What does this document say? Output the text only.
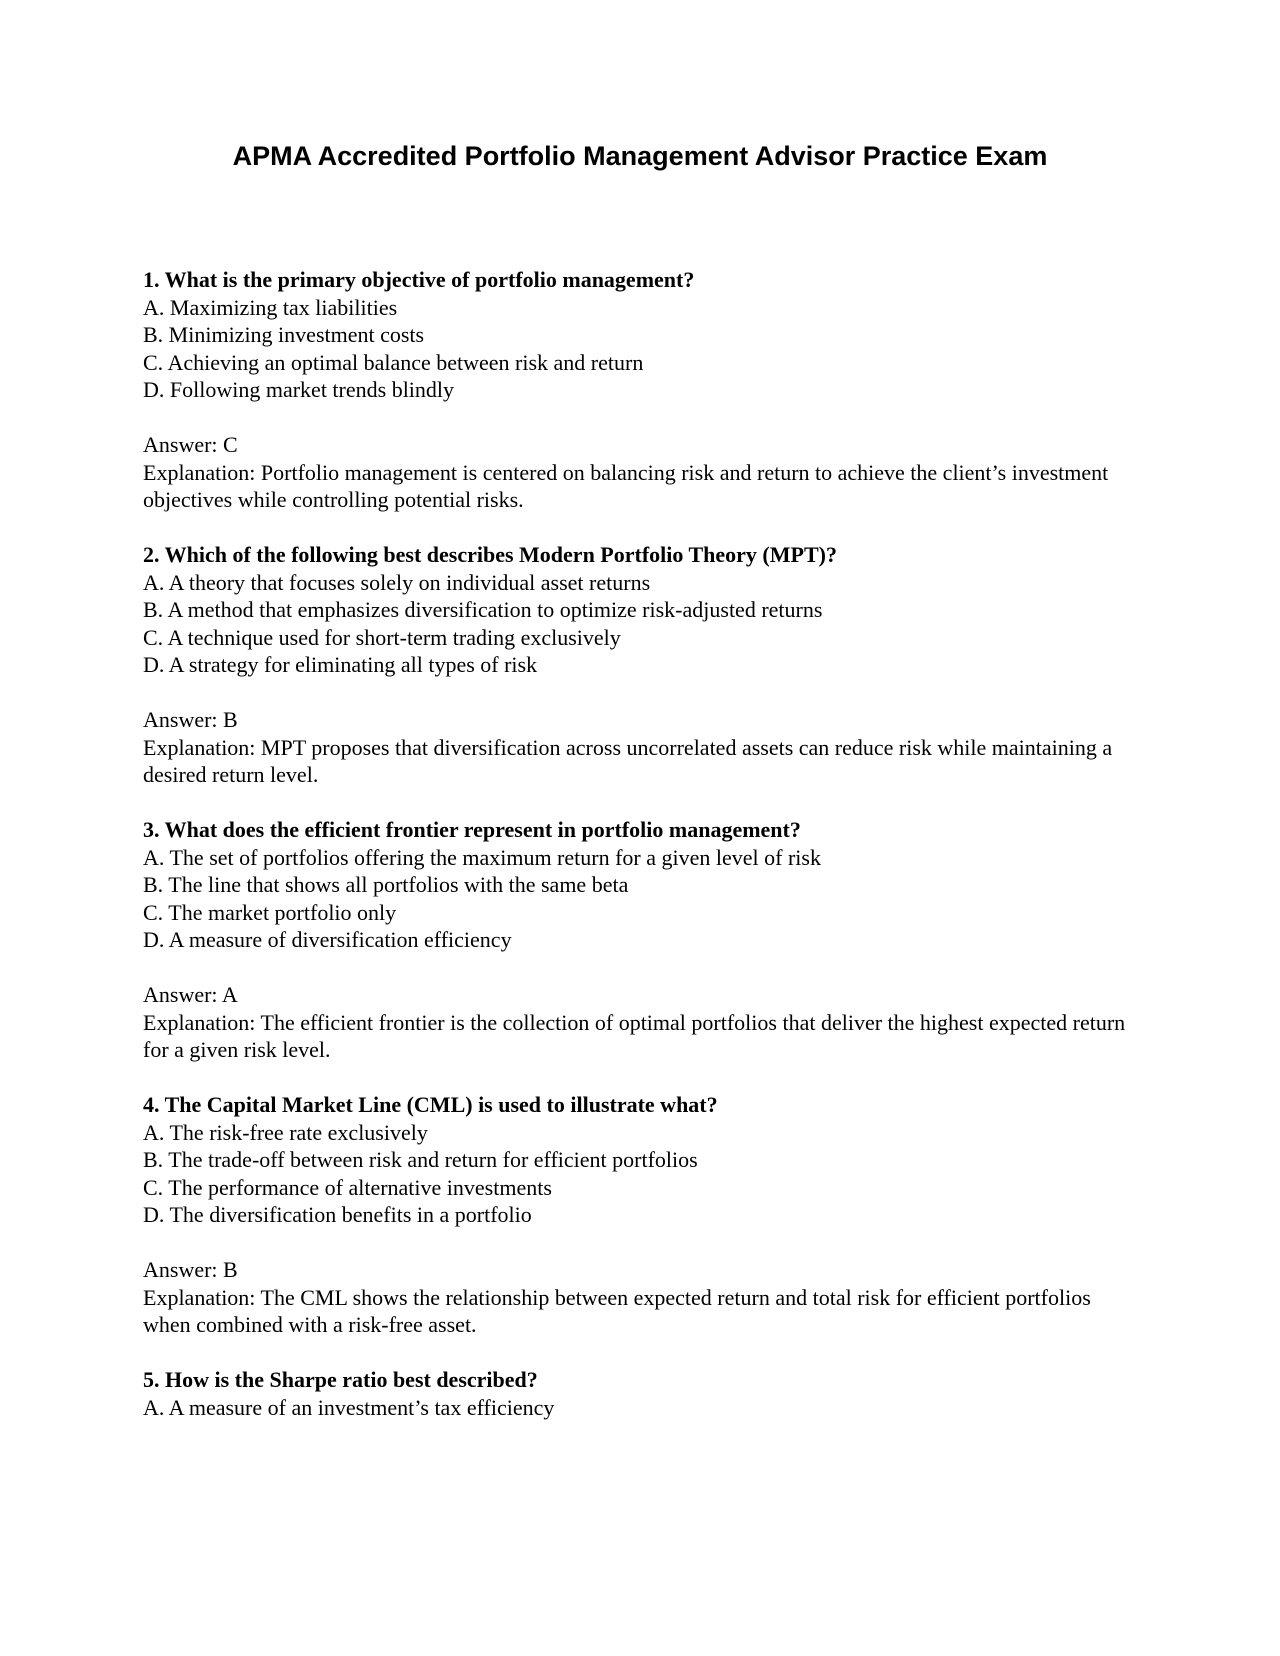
APMA Accredited Portfolio Management Advisor Practice Exam

1. What is the primary objective of portfolio management?

A. Maximizing tax liabilities

B. Minimizing investment costs

C. Achieving an optimal balance between risk and return

D. Following market trends blindly

Answer: C

Explanation: Portfolio management is centered on balancing risk and return to achieve the client’s investment objectives while controlling potential risks.

2. Which of the following best describes Modern Portfolio Theory (MPT)?

A. A theory that focuses solely on individual asset returns

B. A method that emphasizes diversification to optimize risk-adjusted returns

C. A technique used for short-term trading exclusively

D. A strategy for eliminating all types of risk

Answer: B

Explanation: MPT proposes that diversification across uncorrelated assets can reduce risk while maintaining a desired return level.

3. What does the efficient frontier represent in portfolio management?

A. The set of portfolios offering the maximum return for a given level of risk

B. The line that shows all portfolios with the same beta

C. The market portfolio only

D. A measure of diversification efficiency

Answer: A

Explanation: The efficient frontier is the collection of optimal portfolios that deliver the highest expected return for a given risk level.

4. The Capital Market Line (CML) is used to illustrate what?

A. The risk-free rate exclusively

B. The trade-off between risk and return for efficient portfolios

C. The performance of alternative investments

D. The diversification benefits in a portfolio

Answer: B

Explanation: The CML shows the relationship between expected return and total risk for efficient portfolios when combined with a risk-free asset.

5. How is the Sharpe ratio best described?

A. A measure of an investment’s tax efficiency
